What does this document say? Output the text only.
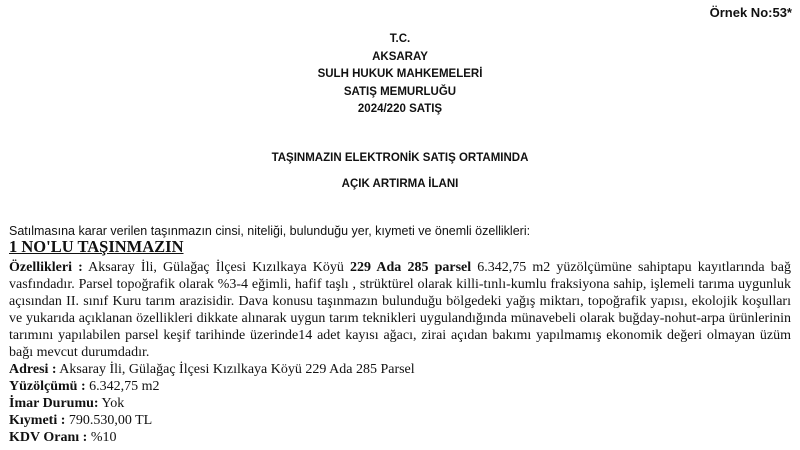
Örnek No:53*
T.C.
AKSARAY
SULH HUKUK MAHKEMELERİ
SATIŞ MEMURLUĞU
2024/220 SATIŞ
TAŞINMAZIN ELEKTRONİK SATIŞ ORTAMINDA
AÇIK ARTIRMA İLANI
Satılmasına karar verilen taşınmazın cinsi, niteliği, bulunduğu yer, kıymeti ve önemli özellikleri:
1 NO'LU TAŞINMAZIN

Özellikleri : Aksaray İli, Gülağaç İlçesi Kızılkaya Köyü 229 Ada 285 parsel 6.342,75 m2 yüzölçümüne sahiptapu kayıtlarında bağ vasfındadır. Parsel topoğrafik olarak %3-4 eğimli, hafif taşlı , strüktürel olarak killi-tınlı-kumlu fraksiyona sahip, işlemeli tarıma uygunluk açısından II. sınıf Kuru tarım arazisidir. Dava konusu taşınmazın bulunduğu bölgedeki yağış miktarı, topoğrafik yapısı, ekolojik koşulları ve yukarıda açıklanan özellikleri dikkate alınarak uygun tarım teknikleri uygulandığında münavebeli olarak buğday-nohut-arpa ürünlerinin tarımını yapılabilen parsel keşif tarihinde üzerinde14 adet kayısı ağacı, zirai açıdan bakımı yapılmamış ekonomik değeri olmayan üzüm bağı mevcut durumdadır.

Adresi : Aksaray İli, Gülağaç İlçesi Kızılkaya Köyü 229 Ada 285 Parsel

Yüzölçümü : 6.342,75 m2

İmar Durumu: Yok

Kıymeti : 790.530,00 TL

KDV Oranı : %10
